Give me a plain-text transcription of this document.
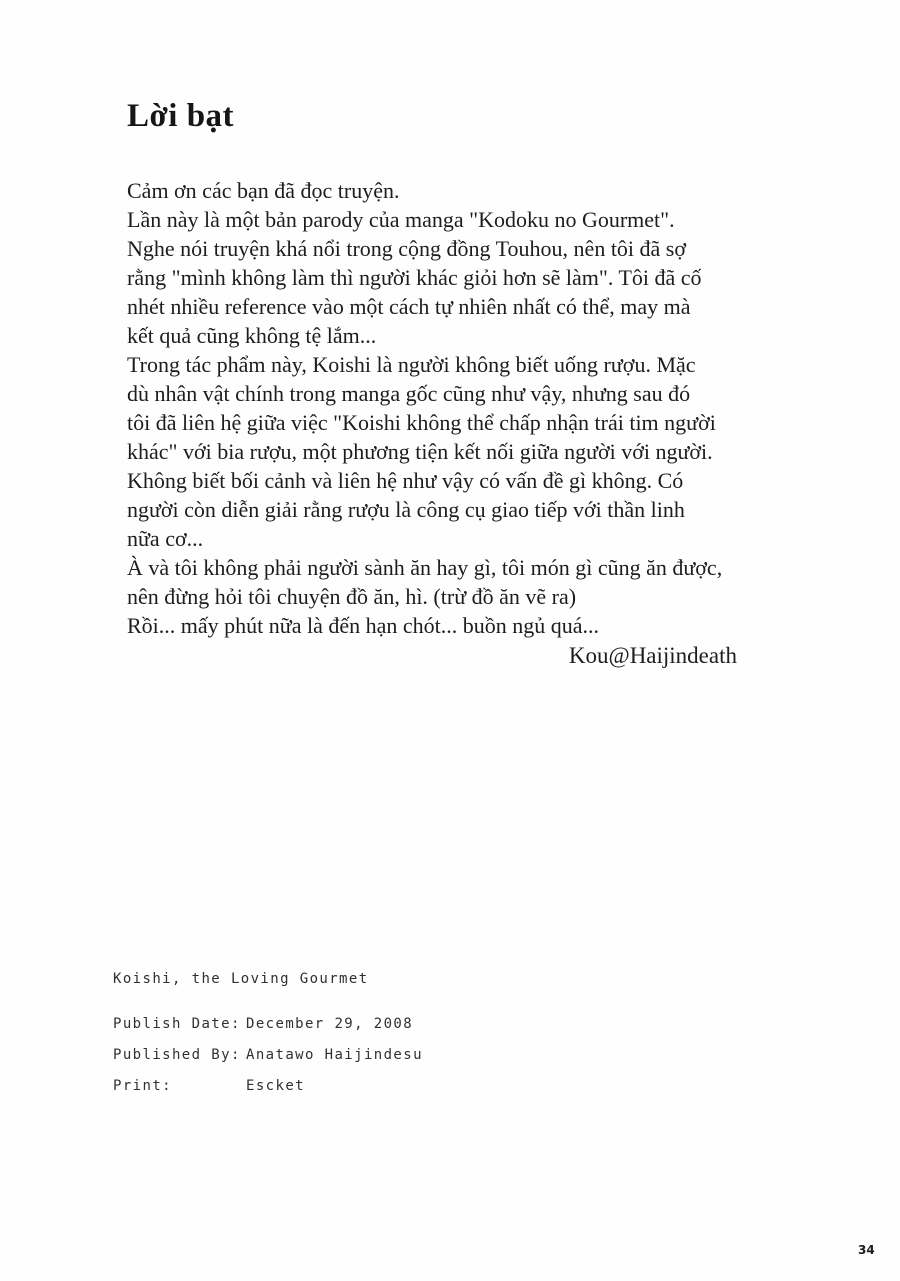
Lời bạt
Cảm ơn các bạn đã đọc truyện.
Lần này là một bản parody của manga "Kodoku no Gourmet".
Nghe nói truyện khá nổi trong cộng đồng Touhou, nên tôi đã sợ
rằng "mình không làm thì người khác giỏi hơn sẽ làm". Tôi đã cố
nhét nhiều reference vào một cách tự nhiên nhất có thể, may mà
kết quả cũng không tệ lắm...
Trong tác phẩm này, Koishi là người không biết uống rượu. Mặc
dù nhân vật chính trong manga gốc cũng như vậy, nhưng sau đó
tôi đã liên hệ giữa việc "Koishi không thể chấp nhận trái tim người
khác" với bia rượu, một phương tiện kết nối giữa người với người.
Không biết bối cảnh và liên hệ như vậy có vấn đề gì không. Có
người còn diễn giải rằng rượu là công cụ giao tiếp với thần linh
nữa cơ...
À và tôi không phải người sành ăn hay gì, tôi món gì cũng ăn được,
nên đừng hỏi tôi chuyện đồ ăn, hì. (trừ đồ ăn vẽ ra)
Rồi... mấy phút nữa là đến hạn chót... buồn ngủ quá...
Kou@Haijindeath
Koishi, the Loving Gourmet
Publish Date: December 29, 2008
Published By: Anatawo Haijindesu
Print:	Escket
34
